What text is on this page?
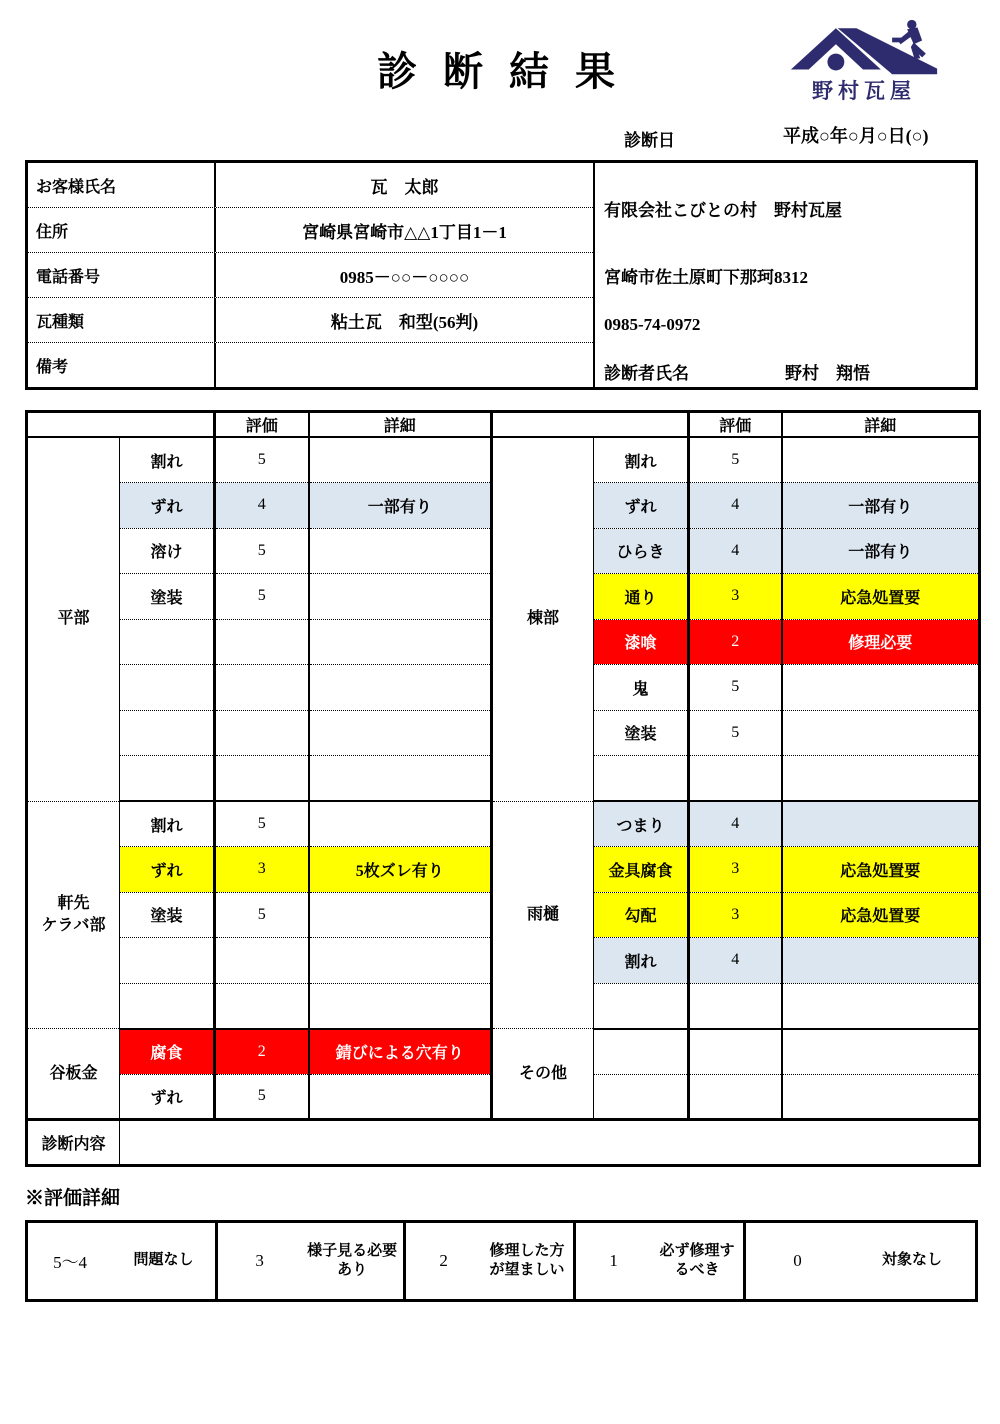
診 断 結 果	野村瓦屋
診断日	平成○年○月○日(○)
お客様氏名	瓦　太郎
住所	宮崎県宮崎市△△1丁目1－1
電話番号	0985－○○－○○○○
瓦種類	粘土瓦　和型(56判)
備考
有限会社こびとの村　野村瓦屋
宮崎市佐土原町下那珂8312
0985-74-0972
診断者氏名	野村　翔悟
		評価	詳細			評価	詳細
平部	割れ	5		棟部	割れ	5	
	ずれ	4	一部有り		ずれ	4	一部有り
	溶け	5			ひらき	4	一部有り
	塗装	5			通り	3	応急処置要
					漆喰	2	修理必要
					鬼	5	
					塗装	5	

軒先
ケラバ部	割れ	5		雨樋	つまり	4	
	ずれ	3	5枚ズレ有り		金具腐食	3	応急処置要
	塗装	5			勾配	3	応急処置要
					割れ	4	

谷板金	腐食	2	錆びによる穴有り	その他			
	ずれ	5					
診断内容							
※評価詳細
5～4	問題なし	3	様子見る必要あり	2	修理した方が望ましい	1	必ず修理するべき	0	対象なし
